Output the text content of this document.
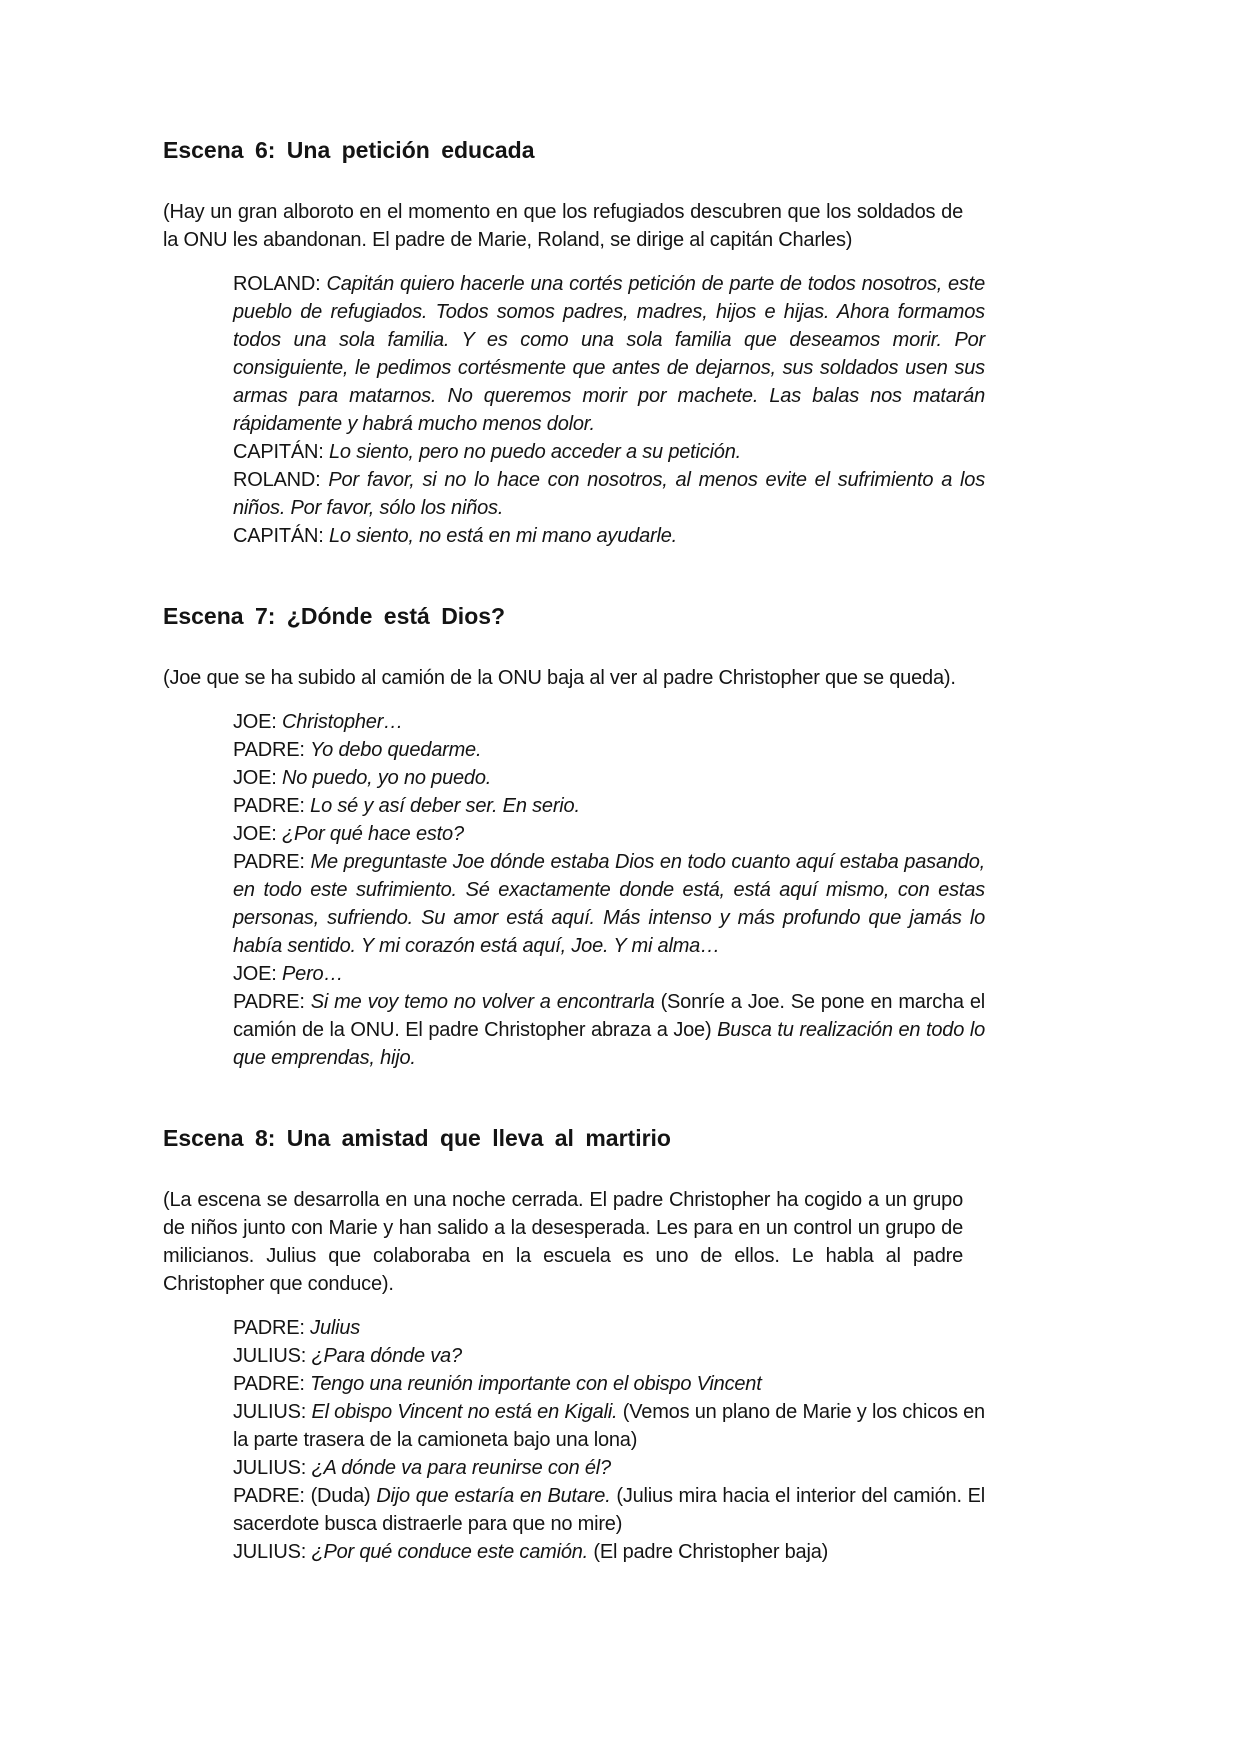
Escena 6: Una petición educada

(Hay un gran alboroto en el momento en que los refugiados descubren que los soldados de la ONU les abandonan. El padre de Marie, Roland, se dirige al capitán Charles)

ROLAND: Capitán quiero hacerle una cortés petición de parte de todos nosotros, este pueblo de refugiados. Todos somos padres, madres, hijos e hijas. Ahora formamos todos una sola familia. Y es como una sola familia que deseamos morir. Por consiguiente, le pedimos cortésmente que antes de dejarnos, sus soldados usen sus armas para matarnos. No queremos morir por machete. Las balas nos matarán rápidamente y habrá mucho menos dolor.

CAPITÁN: Lo siento, pero no puedo acceder a su petición.

ROLAND: Por favor, si no lo hace con nosotros, al menos evite el sufrimiento a los niños. Por favor, sólo los niños.

CAPITÁN: Lo siento, no está en mi mano ayudarle.

Escena 7: ¿Dónde está Dios?

(Joe que se ha subido al camión de la ONU baja al ver al padre Christopher que se queda).

JOE: Christopher…

PADRE: Yo debo quedarme.

JOE: No puedo, yo no puedo.

PADRE: Lo sé y así deber ser. En serio.

JOE: ¿Por qué hace esto?

PADRE: Me preguntaste Joe dónde estaba Dios en todo cuanto aquí estaba pasando, en todo este sufrimiento. Sé exactamente donde está, está aquí mismo, con estas personas, sufriendo. Su amor está aquí. Más intenso y más profundo que jamás lo había sentido. Y mi corazón está aquí, Joe. Y mi alma…

JOE: Pero…

PADRE: Si me voy temo no volver a encontrarla (Sonríe a Joe. Se pone en marcha el camión de la ONU. El padre Christopher abraza a Joe) Busca tu realización en todo lo que emprendas, hijo.

Escena 8: Una amistad que lleva al martirio

(La escena se desarrolla en una noche cerrada. El padre Christopher ha cogido a un grupo de niños junto con Marie y han salido a la desesperada. Les para en un control un grupo de milicianos. Julius que colaboraba en la escuela es uno de ellos. Le habla al padre Christopher que conduce).

PADRE: Julius

JULIUS: ¿Para dónde va?

PADRE: Tengo una reunión importante con el obispo Vincent

JULIUS: El obispo Vincent no está en Kigali. (Vemos un plano de Marie y los chicos en la parte trasera de la camioneta bajo una lona)

JULIUS: ¿A dónde va para reunirse con él?

PADRE: (Duda) Dijo que estaría en Butare. (Julius mira hacia el interior del camión. El sacerdote busca distraerle para que no mire)

JULIUS: ¿Por qué conduce este camión. (El padre Christopher baja)
